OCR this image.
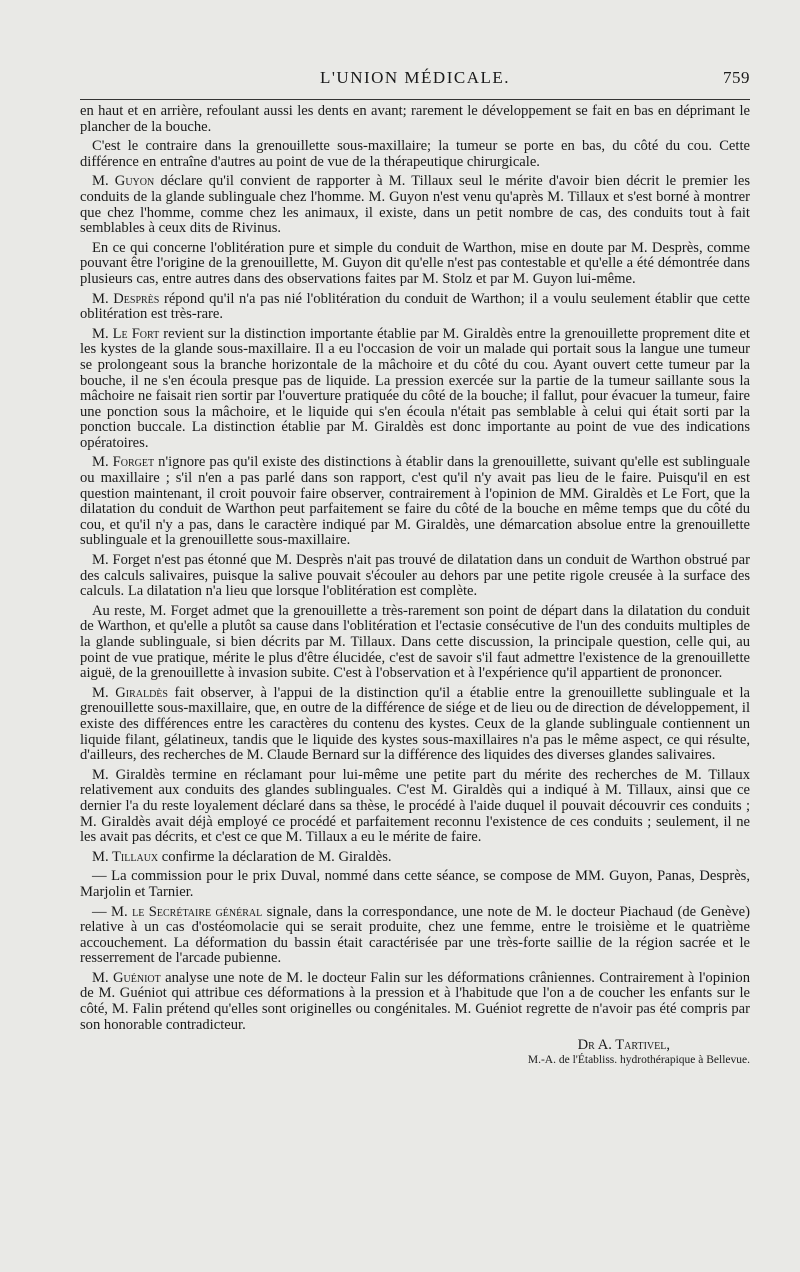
L'UNION MÉDICALE.	759

en haut et en arrière, refoulant aussi les dents en avant; rarement le développement se fait en bas en déprimant le plancher de la bouche.

C'est le contraire dans la grenouillette sous-maxillaire; la tumeur se porte en bas, du côté du cou. Cette différence en entraîne d'autres au point de vue de la thérapeutique chirurgicale.

M. Guyon déclare qu'il convient de rapporter à M. Tillaux seul le mérite d'avoir bien décrit le premier les conduits de la glande sublinguale chez l'homme. M. Guyon n'est venu qu'après M. Tillaux et s'est borné à montrer que chez l'homme, comme chez les animaux, il existe, dans un petit nombre de cas, des conduits tout à fait semblables à ceux dits de Rivinus.

En ce qui concerne l'oblitération pure et simple du conduit de Warthon, mise en doute par M. Desprès, comme pouvant être l'origine de la grenouillette, M. Guyon dit qu'elle n'est pas contestable et qu'elle a été démontrée dans plusieurs cas, entre autres dans des observations faites par M. Stolz et par M. Guyon lui-même.

M. Desprès répond qu'il n'a pas nié l'oblitération du conduit de Warthon; il a voulu seulement établir que cette oblitération est très-rare.

M. Le Fort revient sur la distinction importante établie par M. Giraldès entre la grenouillette proprement dite et les kystes de la glande sous-maxillaire. Il a eu l'occasion de voir un malade qui portait sous la langue une tumeur se prolongeant sous la branche horizontale de la mâchoire et du côté du cou. Ayant ouvert cette tumeur par la bouche, il ne s'en écoula presque pas de liquide. La pression exercée sur la partie de la tumeur saillante sous la mâchoire ne faisait rien sortir par l'ouverture pratiquée du côté de la bouche; il fallut, pour évacuer la tumeur, faire une ponction sous la mâchoire, et le liquide qui s'en écoula n'était pas semblable à celui qui était sorti par la ponction buccale. La distinction établie par M. Giraldès est donc importante au point de vue des indications opératoires.

M. Forget n'ignore pas qu'il existe des distinctions à établir dans la grenouillette, suivant qu'elle est sublinguale ou maxillaire ; s'il n'en a pas parlé dans son rapport, c'est qu'il n'y avait pas lieu de le faire. Puisqu'il en est question maintenant, il croit pouvoir faire observer, contrairement à l'opinion de MM. Giraldès et Le Fort, que la dilatation du conduit de Warthon peut parfaitement se faire du côté de la bouche en même temps que du côté du cou, et qu'il n'y a pas, dans le caractère indiqué par M. Giraldès, une démarcation absolue entre la grenouillette sublinguale et la grenouillette sous-maxillaire.

M. Forget n'est pas étonné que M. Desprès n'ait pas trouvé de dilatation dans un conduit de Warthon obstrué par des calculs salivaires, puisque la salive pouvait s'écouler au dehors par une petite rigole creusée à la surface des calculs. La dilatation n'a lieu que lorsque l'oblitération est complète.

Au reste, M. Forget admet que la grenouillette a très-rarement son point de départ dans la dilatation du conduit de Warthon, et qu'elle a plutôt sa cause dans l'oblitération et l'ectasie consécutive de l'un des conduits multiples de la glande sublinguale, si bien décrits par M. Tillaux. Dans cette discussion, la principale question, celle qui, au point de vue pratique, mérite le plus d'être élucidée, c'est de savoir s'il faut admettre l'existence de la grenouillette aiguë, de la grenouillette à invasion subite. C'est à l'observation et à l'expérience qu'il appartient de prononcer.

M. Giraldès fait observer, à l'appui de la distinction qu'il a établie entre la grenouillette sublinguale et la grenouillette sous-maxillaire, que, en outre de la différence de siége et de lieu ou de direction de développement, il existe des différences entre les caractères du contenu des kystes. Ceux de la glande sublinguale contiennent un liquide filant, gélatineux, tandis que le liquide des kystes sous-maxillaires n'a pas le même aspect, ce qui résulte, d'ailleurs, des recherches de M. Claude Bernard sur la différence des liquides des diverses glandes salivaires.

M. Giraldès termine en réclamant pour lui-même une petite part du mérite des recherches de M. Tillaux relativement aux conduits des glandes sublinguales. C'est M. Giraldès qui a indiqué à M. Tillaux, ainsi que ce dernier l'a du reste loyalement déclaré dans sa thèse, le procédé à l'aide duquel il pouvait découvrir ces conduits ; M. Giraldès avait déjà employé ce procédé et parfaitement reconnu l'existence de ces conduits ; seulement, il ne les avait pas décrits, et c'est ce que M. Tillaux a eu le mérite de faire.

M. Tillaux confirme la déclaration de M. Giraldès.

— La commission pour le prix Duval, nommé dans cette séance, se compose de MM. Guyon, Panas, Desprès, Marjolin et Tarnier.

— M. le Secrétaire général signale, dans la correspondance, une note de M. le docteur Piachaud (de Genève) relative à un cas d'ostéomolacie qui se serait produite, chez une femme, entre le troisième et le quatrième accouchement. La déformation du bassin était caractérisée par une très-forte saillie de la région sacrée et le resserrement de l'arcade pubienne.

M. Guéniot analyse une note de M. le docteur Falin sur les déformations crâniennes. Contrairement à l'opinion de M. Guéniot qui attribue ces déformations à la pression et à l'habitude que l'on a de coucher les enfants sur le côté, M. Falin prétend qu'elles sont originelles ou congénitales. M. Guéniot regrette de n'avoir pas été compris par son honorable contradicteur.

Dr A. Tartivel,
M.-A. de l'Établiss. hydrothérapique à Bellevue.
